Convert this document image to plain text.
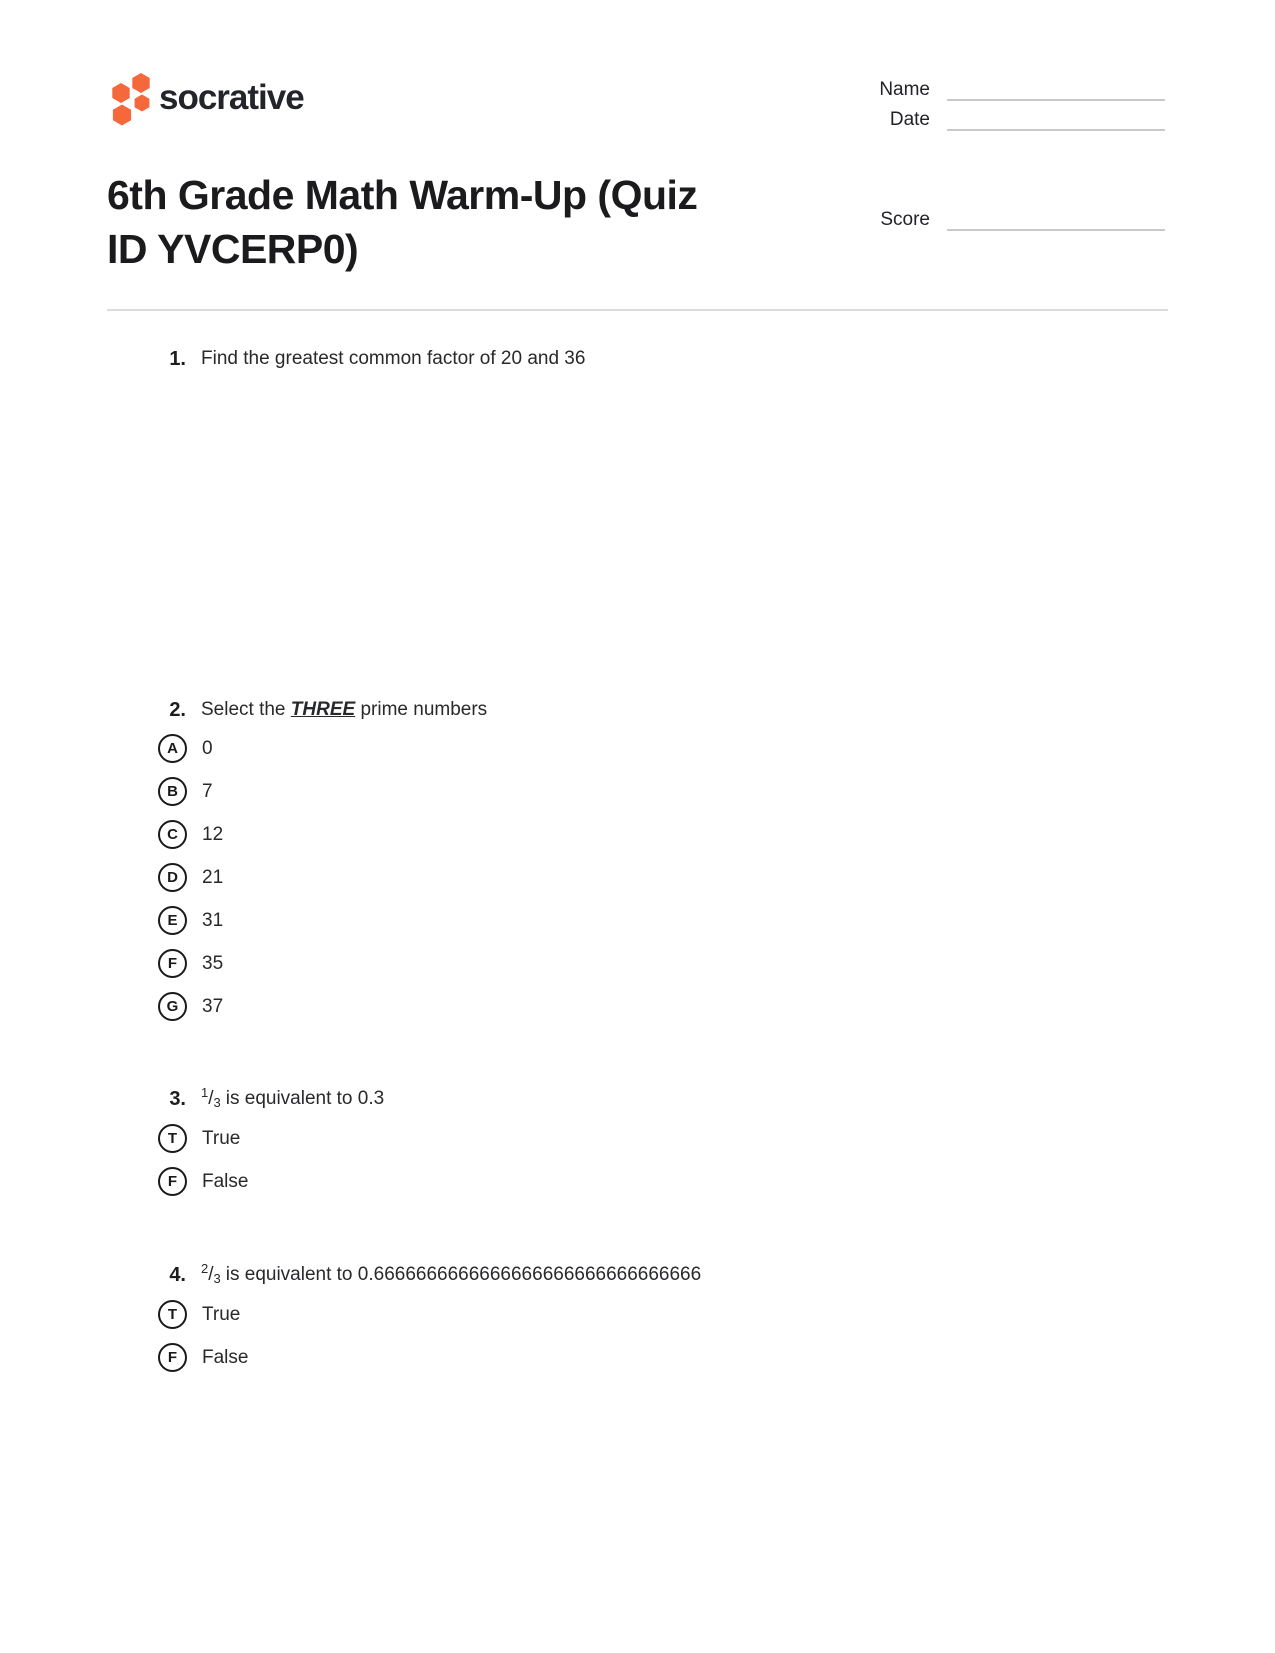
socrative	Name
Date
Score
6th Grade Math Warm-Up (Quiz
ID YVCERP0)
1. Find the greatest common factor of 20 and 36
2. Select the THREE prime numbers
A 0
B 7
C 12
D 21
E 31
F 35
G 37
3. $^1$/3 is equivalent to 0.3
T True
F False
4. $^2$/3 is equivalent to 0.6666666666666666666666666666666
T True
F False
